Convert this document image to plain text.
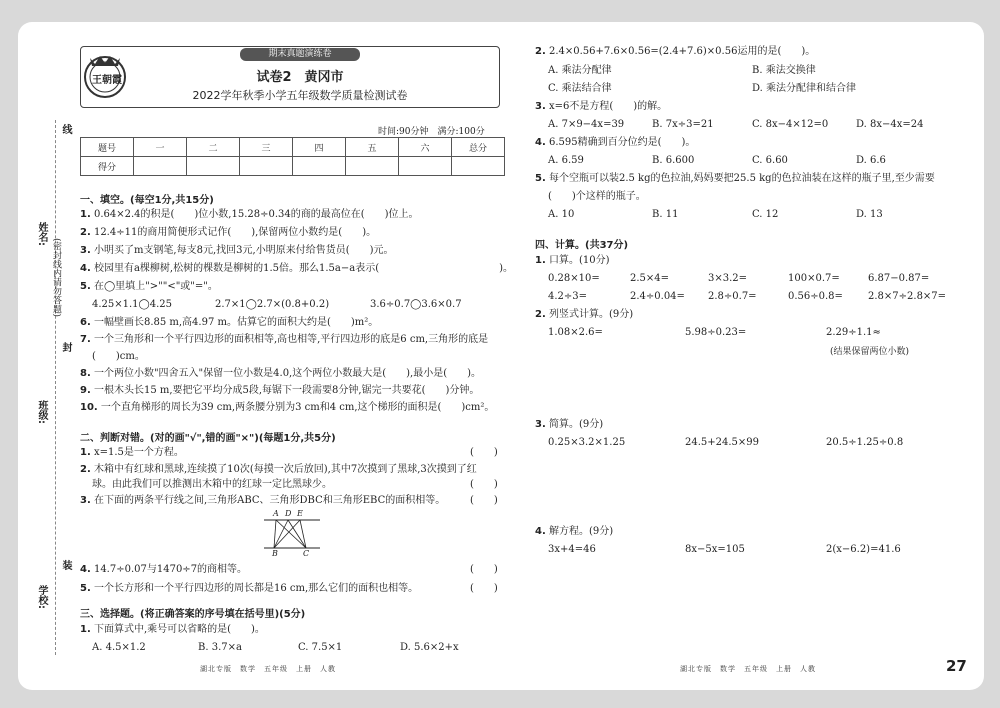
姓名:
班级:
学校:
(密封线内请勿答题)
线
封
装
王朝霞
期末真题演练卷
试卷2　黄冈市
2022学年秋季小学五年级数学质量检测试卷
时间:90分钟　满分:100分
题号	一	二	三	四	五	六	总分
得分							
一、填空。(每空1分,共15分)
1. 0.64×2.4的积是(　　)位小数,15.28÷0.34的商的最高位在(　　)位上。
2. 12.4÷11的商用简便形式记作(　　),保留两位小数约是(　　)。
3. 小明买了m支钢笔,每支8元,找回3元,小明原来付给售货员(　　)元。
4. 校园里有a棵柳树,松树的棵数是柳树的1.5倍。那么1.5a−a表示(　　　　　　　　　　　　)。
5. 在◯里填上">""<"或"="。
4.25×1.1◯4.25	2.7×1◯2.7×(0.8+0.2)	3.6÷0.7◯3.6×0.7
6. 一幅壁画长8.85 m,高4.97 m。估算它的面积大约是(　　)m²。
7. 一个三角形和一个平行四边形的面积相等,高也相等,平行四边形的底是6 cm,三角形的底是
(　　)cm。
8. 一个两位小数"四舍五入"保留一位小数是4.0,这个两位小数最大是(　　),最小是(　　)。
9. 一根木头长15 m,要把它平均分成5段,每锯下一段需要8分钟,锯完一共要花(　　)分钟。
10. 一个直角梯形的周长为39 cm,两条腰分别为3 cm和4 cm,这个梯形的面积是(　　)cm²。
二、判断对错。(对的画"√",错的画"×")(每题1分,共5分)
1. x=1.5是一个方程。	(　　)
2. 木箱中有红球和黑球,连续摸了10次(每摸一次后放回),其中7次摸到了黑球,3次摸到了红
球。由此我们可以推测出木箱中的红球一定比黑球少。	(　　)
3. 在下面的两条平行线之间,三角形ABC、三角形DBC和三角形EBC的面积相等。 (　　)
A D E
B	C
4. 14.7÷0.07与1470÷7的商相等。	(　　)
5. 一个长方形和一个平行四边形的周长都是16 cm,那么它们的面积也相等。	(　　)
三、选择题。(将正确答案的序号填在括号里)(5分)
1. 下面算式中,乘号可以省略的是(　　)。
A. 4.5×1.2	B. 3.7×a	C. 7.5×1	D. 5.6×2+x
2. 2.4×0.56+7.6×0.56=(2.4+7.6)×0.56运用的是(　　)。
A. 乘法分配律	B. 乘法交换律
C. 乘法结合律	D. 乘法分配律和结合律
3. x=6不是方程(　　)的解。
A. 7×9−4x=39	B. 7x÷3=21	C. 8x−4×12=0	D. 8x−4x=24
4. 6.595精确到百分位约是(　　)。
A. 6.59	B. 6.600	C. 6.60	D. 6.6
5. 每个空瓶可以装2.5 kg的色拉油,妈妈要把25.5 kg的色拉油装在这样的瓶子里,至少需要
(　　)个这样的瓶子。
A. 10	B. 11	C. 12	D. 13
四、计算。(共37分)
1. 口算。(10分)
0.28×10=	2.5×4=	3×3.2=	100×0.7=	6.87−0.87=
4.2÷3=	2.4÷0.04= 2.8÷0.7=	0.56÷0.8=	2.8×7÷2.8×7=
2. 列竖式计算。(9分)
1.08×2.6=	5.98÷0.23=	2.29÷1.1≈
(结果保留两位小数)
3. 简算。(9分)
0.25×3.2×1.25	24.5+24.5×99	20.5÷1.25÷0.8
4. 解方程。(9分)
3x+4=46	8x−5x=105	2(x−6.2)=41.6
湖北专版　数学　五年级　上册　人教	湖北专版　数学　五年级　上册　人教	27
